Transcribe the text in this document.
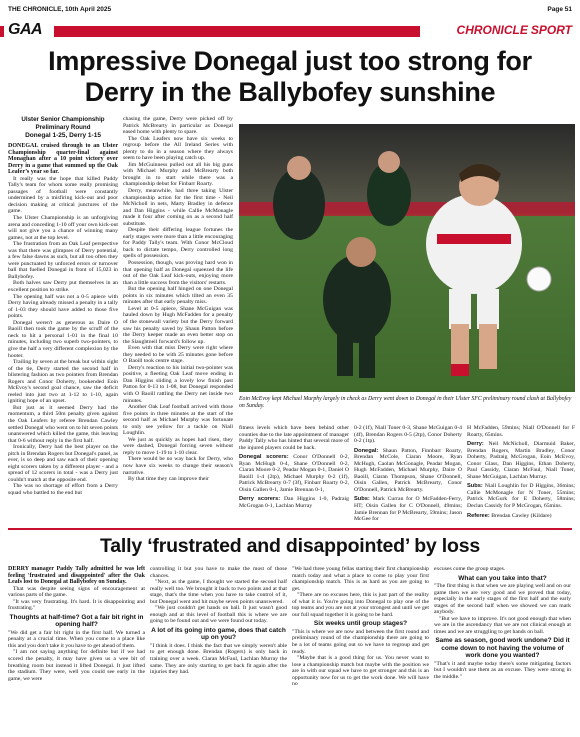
THE CHRONICLE, 10th April 2025	Page 51
GAA	CHRONICLE SPORT
Impressive Donegal just too strong for Derry in the Ballybofey sunshine
Ulster Senior Championship Preliminary Round
Donegal 1-25, Derry 1-15

DONEGAL cruised through to an Ulster Championship quarter-final against Monaghan after a 10 point victory over Derry in a game that summed up the Oak Leafer’s year so far.

It really was the hope that killed Paddy Tally's team for whom some really promising passages of football were constantly undermined by a misfiring kick-out and poor decision making at critical junctures of the game.

The Ulster Championship is an unforgiving arena and conceding 1-10 off your own kick-out will not give you a chance of winning many games, not at the top level.

The frustration from an Oak Leaf perspective was that there was glimpses of Derry potential, a few false dawns as such, but all too often they were punctuated by unforced errors or turnover ball that fuelled Donegal in front of 15,023 in Ballybofey.

Both halves saw Derry put themselves in an excellent position to strike.

The opening half was not a 0-5 apiece with Derry having already missed a penalty in a tally of 1-03 they should have added to those five points.

Donegal weren't as generous as Daire O Baoill then took the game by the scruff of the neck to hit a personal 1-01 in the final 10 minutes, including two superb two-pointers, to give the half a very different complexion by the hooter.

Trailing by seven at the break but within sight of the tie, Derry started the second half in blistering fashion as two pointers from Brendan Rogers and Conor Doherty, bookended Eoin McEvoy's second goal chance, saw the deficit reeled into just two at 1-12 to 1-10, again igniting hope of an upset.

But just as it seemed Derry had the momentum, a third 50m penalty given against the Oak Leafers by referee Brendan Cawley settled Donegal who went on to hit seven points unanswered which killed the game, this leaving that 0-6 without reply in the first half.

Ironically, Derry had the best player on the pitch in Brendan Rogers but Donegal's panel, as ever, is so deep and saw each of their opening eight scorers taken by a different player - and a spread of 12 scorers in total - was a Derry just couldn't match at the opposite end.

The was no shortage of effort from a Derry squad who battled to the end but

chasing the game, Derry were picked off by Patrick McBrearty in particular as Donegal eased home with plenty to spare.

The Oak Leafers now have six weeks to regroup before the All Ireland Series with plenty to do in a season where they always seem to have been playing catch up.

Jim McGuinness pulled out all his big guns with Michael Murphy and McBrearty both brought in to start while there was a championship debut for Finbarr Roarty.

Derry, meanwhile, had three taking Ulster championship action for the first time - Neil McNicholl in nets, Marty Bradley in defence and Dan Higgins - while Callie McMonagle made it four after coming on as a second half substitute.

Despite their differing league fortunes the early stages were more than a little encouraging for Paddy Tally's team. With Conor McCloud back to dictate tempo, Derry controlled long spells of possession.

Possession, though, was proving hard won in that opening half as Donegal squeezed the life out of the Oak Leaf kick-outs, enjoying more than a little success from the visitors' restarts.

But the opening half hinged on one Donegal points in six minutes which tilted an even 35 minutes after that early penalty miss.

Level at 0-5 apiece, Shane McGuigan was hauled down by Hugh McFadden for a penalty of the stonewall variety but the Derry forward saw his penalty saved by Shaun Patton before the Derry keeper made an even better stop on the Slaughtneil forward's follow up.

Even with that miss Derry were right where they needed to be with 25 minutes gone before O Baoill took centre stage.

Derry's reaction to his initial two-pointer was positive, a fleeting Oak Leaf move ending in Dan Higgins sliding a lovely low finish past Patton for 0-13 to 1-08, but Donegal responded with O Baoill rattling the Derry net inside two minutes.

Another Oak Leaf football arrived with those five points in three minutes at the start of the second half as Michael Murphy was fortunate to only see yellow for a tackle on Niall Loughlin.

We just as quickly as hopes had risen, they were dashed, Donegal forcing seven without reply to move 1-19 to 1-10 clear.

There would be no way back for Derry, who now have six weeks to change their season's narrative.

By that time they can improve their

Eoin McEvoy kept Michael Murphy largely in check as Derry went down to Donegal in their Ulster SFC preliminary round clash at Ballybofey on Sunday.

fitness levels which have been behind other counties due to the late appointment of manager Paddy Tally who has hinted that several more of the injured players could be back.

Donegal scorers: Conor O'Donnell 0-2, Ryan McHugh 0-4, Shane O'Donnell 0-2, Ciaran Moore 0-2, Peadar Mogan 0-1, Daniel O Baoill 1-4 (2tp), Michael Murphy 0-2 (1f), Patrick McBrearty 0-7 (3f), Finbarr Roarty 0-2, Oisin Gallen 0-1, Jamie Brennan 0-1,

Derry scorers: Dan Higgins 1-0, Padraig McGrogan 0-1, Lachlan Murray

0-2 (1f), Niall Toner 0-3, Shane McGuigan 0-4 (4f), Brendan Rogers 0-5 (2tp), Conor Doherty 0-2 (1tp).

Donegal: Shaun Patton, Finnbarr Roarty, Brendan McCole, Ciaran Moore, Ryan McHugh, Caolan McGonagle, Peadar Mogan, Hugh McFadden, Michael Murphy, Daire O Baoill, Ciaran Thompson, Shane O'Donnell, Oisin Gallen, Patrick McBrearty, Conor O'Donnell, Patrick McBrearty.

Subs: Mark Curran for O McFadden-Ferry, HT; Oisin Gallen for C O'Donnell, 49mins; Jamie Brennan for P McBrearty, 59mins; Jason McGee for

H McFadden, 59mins; Niall O'Donnell for F Roarty, 65mins.

Derry: Neil McNicholl, Diarmuid Baker, Brendan Rogers, Martin Bradley, Conor Doherty, Padraig McGrogan, Eoin McEvoy, Conor Glass, Dan Higgins, Ethan Doherty, Paul Cassidy, Ciaran McFaul, Niall Toner, Shane McGuigan, Lachlan Murray.

Subs: Niall Loughlin for D Higgins, 36mins; Callie McMonagle for N Toner, 55mins; Patrick McGurk for E Doherty, 58mins; Declan Cassidy for P McGrogan, 65mins.

Referee: Brendan Cawley (Kildare)

Tally ‘frustrated and disappointed’ by loss

DERRY manager Paddy Tally admitted he was left feeling 'frustrated and disappointed' after the Oak Leafs lost to Donegal at Ballybofey on Sunday.

That was despite seeing signs of encouragement at various parts of the game.

"It was very frustrating. It's hard. It is disappointing and frustrating."

Thoughts at half-time? Got a fair bit right in opening half?

"We did get a fair bit right in the first half. We turned a penalty at a crucial time. When you come to a place like this and you don't take it you have to get ahead of them.

"I am not saying anything for definite but if we had scored the penalty, it may have given us a wee bit of breathing room but instead it lifted Donegal. It just lifted the stadium. They were, well you could see early in the game, we were

controlling it but you have to make the most of those chances.

"Next, as the game, I thought we started the second half really well too. We brought it back to two points and at that stage, that's the time when you have to take control of it, but Donegal went and hit maybe seven points unanswered.

"We just couldn't get hands on ball. It just wasn't good enough and at this level of football this is where we are going to be found out and we were found out today.

A lot of its going into game, does that catch up on you?

"I think it does. I think the fact that we simply weren't able to get enough done. Brendan (Rogers) is only back in training over a week. Ciaran McFaul, Lachlan Murray the same. They are only starting to get back fit again after the injuries they had.

"We had three young fellas starting their first championship match today and what a place to come to play your first championship match. This is as hard as you are going to get.

"There are no excuses here, this is just part of the reality of what it is. You're going into Donegal to play one of the top teams and you are not at your strongest and until we get our full squad together it is going to be hard.

Six weeks until group stages?

"This is where we are now and between the first round and preliminary round of the championship there are going to be a lot of teams going out so we have to regroup and get ready.

"Maybe that is a good thing for us. You never want to lose a championship match but maybe with the position we are in with our squad we have to get stronger and this is an opportunity now for us to get the work done. We will have no

excuses come the group stages.

What can you take into that?

"The first thing is that when we are playing well and on our game then we are very good and we proved that today, especially in the early stages of the first half and the early stages of the second half when we showed we can mark anybody.

"But we have to improve. It's not good enough that when we are in the ascendancy that we are not clinical enough at times and we are struggling to get hands on ball.

Same as season, good work undone? Did it come down to not having the volume of work done you wanted?

"That's it and maybe today there's some mitigating factors but I wouldn't use them as an excuse. They were strong in the middle."
